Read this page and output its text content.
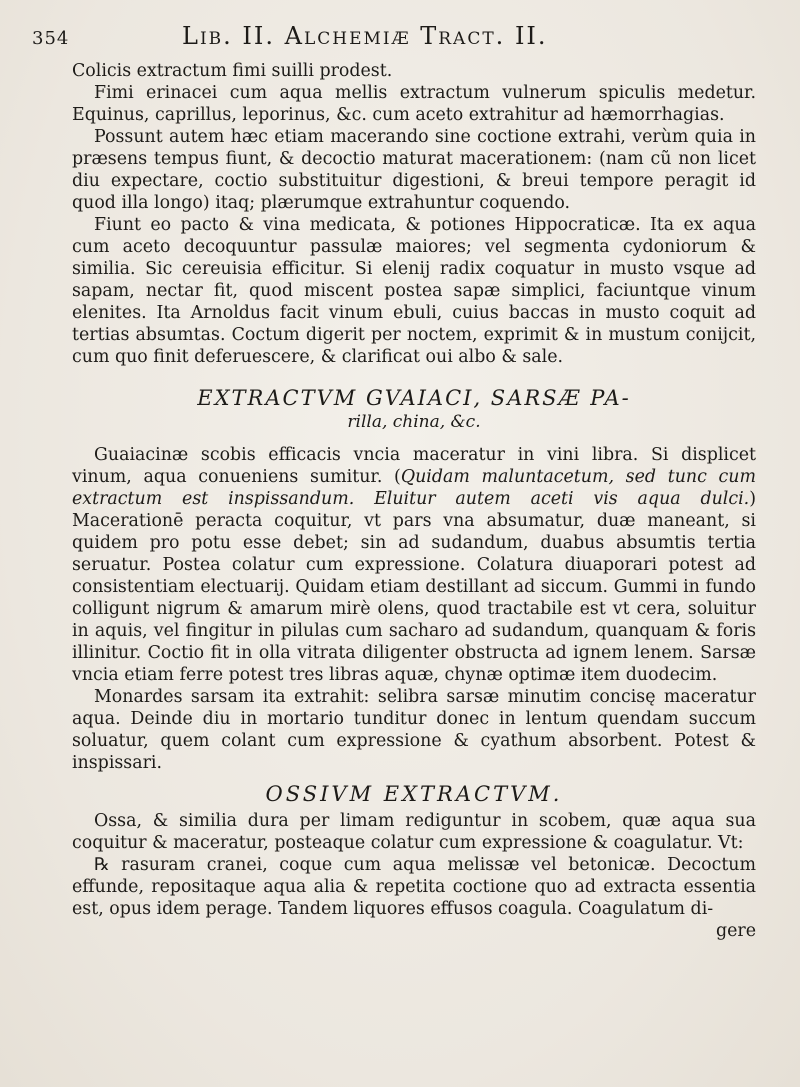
354	Lib. II. Alchemiæ Tract. II.

Colicis extractum fimi suilli prodest.

Fimi erinacei cum aqua mellis extractum vulnerum spiculis medetur. Equinus, caprillus, leporinus, &c. cum aceto extrahitur ad hæmorrhagias.

Possunt autem hæc etiam macerando sine coctione extrahi, verùm quia in præsens tempus fiunt, & decoctio maturat macerationem: (nam cũ non licet diu expectare, coctio substituitur digestioni, & breui tempore peragit id quod illa longo) itaq; plærumque extrahuntur coquendo.

Fiunt eo pacto & vina medicata, & potiones Hippocraticæ. Ita ex aqua cum aceto decoquuntur passulæ maiores; vel segmenta cydoniorum & similia. Sic cereuisia efficitur. Si elenij radix coquatur in musto vsque ad sapam, nectar fit, quod miscent postea sapæ simplici, faciuntque vinum elenites. Ita Arnoldus facit vinum ebuli, cuius baccas in musto coquit ad tertias absumtas. Coctum digerit per noctem, exprimit & in mustum conijcit, cum quo finit deferuescere, & clarificat oui albo & sale.

EXTRACTVM GVAIACI, SARSÆ PA-
rilla, china, &c.

Guaiacinæ scobis efficacis vncia maceratur in vini libra. Si displicet vinum, aqua conueniens sumitur. (Quidam maluntacetum, sed tunc cum extractum est inspissandum. Eluitur autem aceti vis aqua dulci.) Macerationē peracta coquitur, vt pars vna absumatur, duæ maneant, si quidem pro potu esse debet; sin ad sudandum, duabus absumtis tertia seruatur. Postea colatur cum expressione. Colatura diuaporari potest ad consistentiam electuarij. Quidam etiam destillant ad siccum. Gummi in fundo colligunt nigrum & amarum mirè olens, quod tractabile est vt cera, soluitur in aquis, vel fingitur in pilulas cum sacharo ad sudandum, quanquam & foris illinitur. Coctio fit in olla vitrata diligenter obstructa ad ignem lenem. Sarsæ vncia etiam ferre potest tres libras aquæ, chynæ optimæ item duodecim.

Monardes sarsam ita extrahit: selibra sarsæ minutim concisę maceratur aqua. Deinde diu in mortario tunditur donec in lentum quendam succum soluatur, quem colant cum expressione & cyathum absorbent. Potest & inspissari.

OSSIVM EXTRACTVM.

Ossa, & similia dura per limam rediguntur in scobem, quæ aqua sua coquitur & maceratur, posteaque colatur cum expressione & coagulatur. Vt:

℞ rasuram cranei, coque cum aqua melissæ vel betonicæ. Decoctum effunde, repositaque aqua alia & repetita coctione quo ad extracta essentia est, opus idem perage. Tandem liquores effusos coagula. Coagulatum di-

gere
